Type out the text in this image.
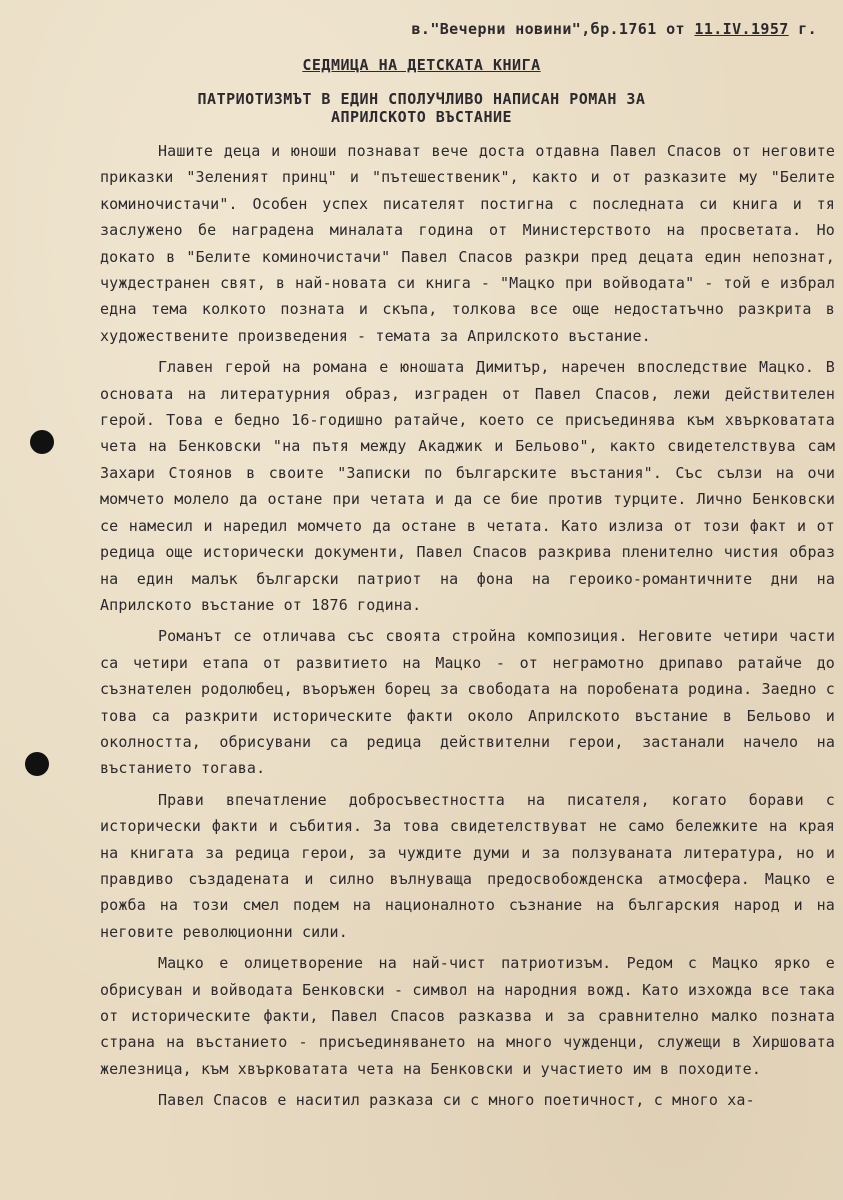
в."Вечерни новини",бр.1761 от 11.IV.1957 г.
СЕДМИЦА НА ДЕТСКАТА КНИГА
ПАТРИОТИЗМЪТ В ЕДИН СПОЛУЧЛИВО НАПИСАН РОМАН ЗА
АПРИЛСКОТО ВЪСТАНИЕ

Нашите деца и юноши познават вече доста отдавна Павел Спасов от неговите приказки "Зеленият принц" и "пътешественик", както и от разказите му "Белите коминочистачи". Особен успех писателят постигна с последната си книга и тя заслужено бе наградена миналата година от Министерството на просветата. Но докато в "Белите коминочистачи" Павел Спасов разкри пред децата един непознат, чуждестранен свят, в най-новата си книга - "Мацко при войводата" - той е избрал една тема колкото позната и скъпа, толкова все още недостатъчно разкрита в художествените произведения - темата за Априлското въстание.

Главен герой на романа е юношата Димитър, наречен впоследствие Мацко. В основата на литературния образ, изграден от Павел Спасов, лежи действителен герой. Това е бедно 16-годишно ратайче, което се присъединява към хвърковатата чета на Бенковски "на пътя между Акаджик и Бельово", както свидетелствува сам Захари Стоянов в своите "Записки по българските въстания". Със сълзи на очи момчето молело да остане при четата и да се бие против турците. Лично Бенковски се намесил и наредил момчето да остане в четата. Като излиза от този факт и от редица още исторически документи, Павел Спасов разкрива пленително чистия образ на един малък български патриот на фона на героико-романтичните дни на Априлското въстание от 1876 година.

Романът се отличава със своята стройна композиция. Неговите четири части са четири етапа от развитието на Мацко - от неграмотно дрипаво ратайче до съзнателен родолюбец, въоръжен борец за свободата на поробената родина. Заедно с това са разкрити историческите факти около Априлското въстание в Бельово и околността, обрисувани са редица действителни герои, застанали начело на въстанието тогава.

Прави впечатление добросъвестността на писателя, когато борави с исторически факти и събития. За това свидетелствуват не само бележките на края на книгата за редица герои, за чуждите думи и за ползуваната литература, но и правдиво създадената и силно вълнуваща предосвобожденска атмосфера. Мацко е рожба на този смел подем на националното съзнание на българския народ и на неговите революционни сили.

Мацко е олицетворение на най-чист патриотизъм. Редом с Мацко ярко е обрисуван и войводата Бенковски - символ на народния вожд. Като изхожда все така от историческите факти, Павел Спасов разказва и за сравнително малко позната страна на въстанието - присъединяването на много чужденци, служещи в Хиршовата железница, към хвърковатата чета на Бенковски и участието им в походите.

Павел Спасов е наситил разказа си с много поетичност, с много ха-
